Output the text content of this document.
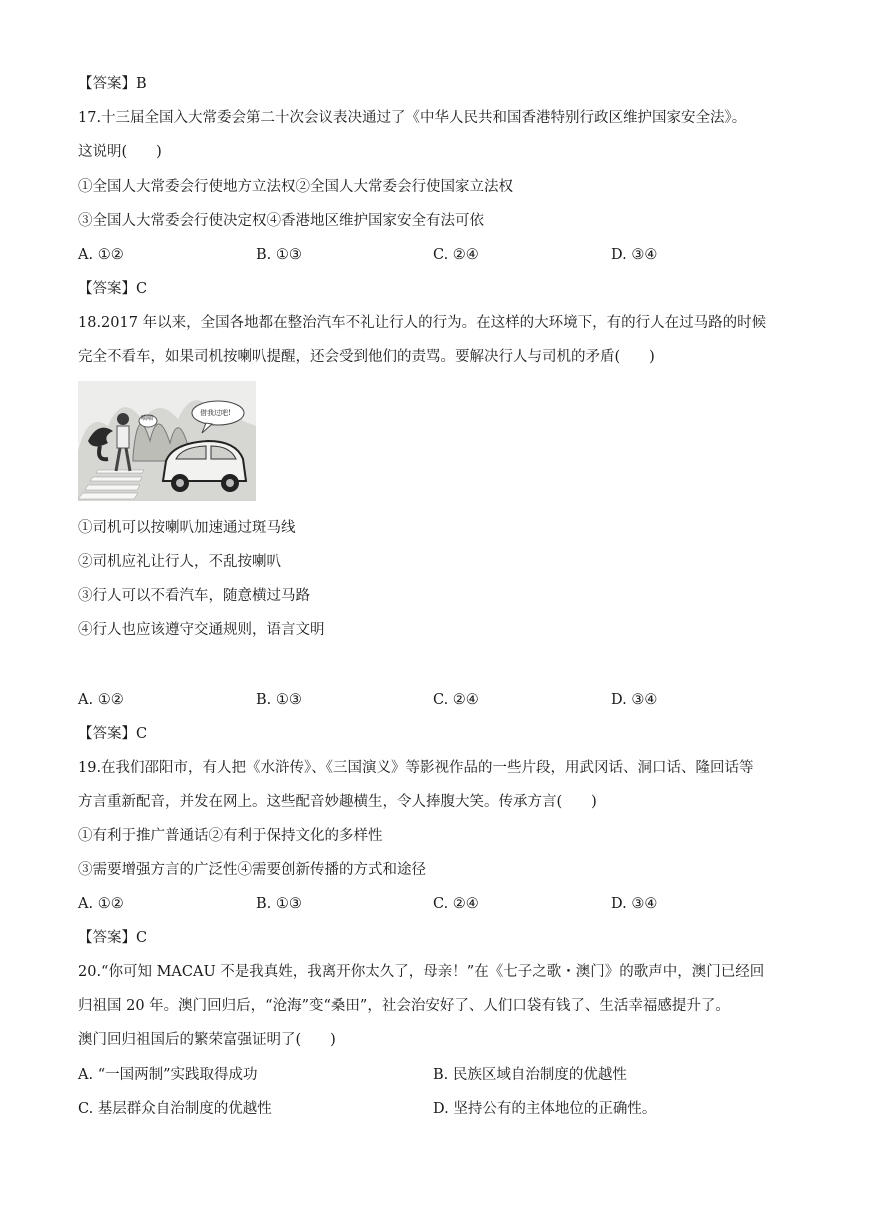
【答案】B
17.十三届全国入大常委会第二十次会议表决通过了《中华人民共和国香港特别行政区维护国家安全法》。
这说明(　　)
①全国人大常委会行使地方立法权②全国人大常委会行使国家立法权
③全国人大常委会行使决定权④香港地区维护国家安全有法可依
A. ①②	B. ①③	C. ②④	D. ③④
【答案】C
18.2017 年以来，全国各地都在整治汽车不礼让行人的行为。在这样的大环境下，有的行人在过马路的时候
完全不看车，如果司机按喇叭提醒，还会受到他们的责骂。要解决行人与司机的矛盾(　　)
嘀嘀
借我过吧!
①司机可以按喇叭加速通过斑马线
②司机应礼让行人，不乱按喇叭
③行人可以不看汽车，随意横过马路
④行人也应该遵守交通规则，语言文明
A. ①②	B. ①③	C. ②④	D. ③④
【答案】C
19.在我们邵阳市，有人把《水浒传》、《三国演义》等影视作品的一些片段，用武冈话、洞口话、隆回话等
方言重新配音，并发在网上。这些配音妙趣横生，令人捧腹大笑。传承方言(　　)
①有利于推广普通话②有利于保持文化的多样性
③需要增强方言的广泛性④需要创新传播的方式和途径
A. ①②	B. ①③	C. ②④	D. ③④
【答案】C
20.“你可知 MACAU 不是我真姓，我离开你太久了，母亲！”在《七子之歌・澳门》的歌声中，澳门已经回
归祖国 20 年。澳门回归后，“沧海”变“桑田”，社会治安好了、人们口袋有钱了、生活幸福感提升了。
澳门回归祖国后的繁荣富强证明了(　　)
A. “一国两制”实践取得成功	B. 民族区域自治制度的优越性
C. 基层群众自治制度的优越性	D. 坚持公有的主体地位的正确性。
